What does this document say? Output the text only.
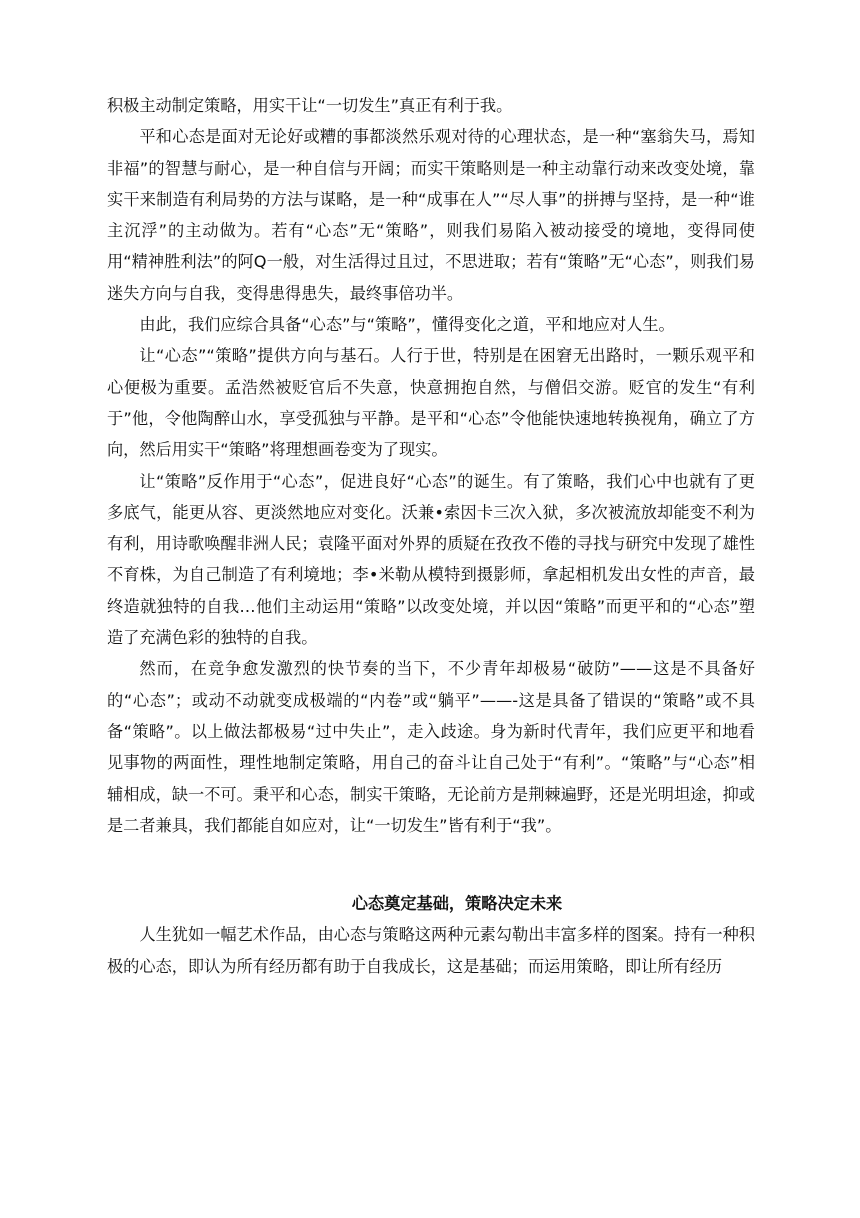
积极主动制定策略，用实干让“一切发生”真正有利于我。

平和心态是面对无论好或糟的事都淡然乐观对待的心理状态，是一种“塞翁失马，焉知非福”的智慧与耐心，是一种自信与开阔；而实干策略则是一种主动靠行动来改变处境，靠实干来制造有利局势的方法与谋略，是一种“成事在人”“尽人事”的拼搏与坚持，是一种“谁主沉浮”的主动做为。若有“心态”无“策略”，则我们易陷入被动接受的境地，变得同使用“精神胜利法”的阿Q一般，对生活得过且过，不思进取；若有“策略”无“心态”，则我们易迷失方向与自我，变得患得患失，最终事倍功半。

由此，我们应综合具备“心态”与“策略”，懂得变化之道，平和地应对人生。

让“心态”“策略”提供方向与基石。人行于世，特别是在困窘无出路时，一颗乐观平和心便极为重要。孟浩然被贬官后不失意，快意拥抱自然，与僧侣交游。贬官的发生“有利于”他，令他陶醉山水，享受孤独与平静。是平和“心态”令他能快速地转换视角，确立了方向，然后用实干“策略”将理想画卷变为了现实。

让“策略”反作用于“心态”，促进良好“心态”的诞生。有了策略，我们心中也就有了更多底气，能更从容、更淡然地应对变化。沃兼•索因卡三次入狱，多次被流放却能变不利为有利，用诗歌唤醒非洲人民；袁隆平面对外界的质疑在孜孜不倦的寻找与研究中发现了雄性不育株，为自己制造了有利境地；李•米勒从模特到摄影师，拿起相机发出女性的声音，最终造就独特的自我…他们主动运用“策略”以改变处境，并以因“策略”而更平和的“心态”塑造了充满色彩的独特的自我。

然而，在竞争愈发激烈的快节奏的当下，不少青年却极易“破防”——这是不具备好的“心态”；或动不动就变成极端的“内卷”或“躺平”——-这是具备了错误的“策略”或不具备“策略”。以上做法都极易“过中失止”，走入歧途。身为新时代青年，我们应更平和地看见事物的两面性，理性地制定策略，用自己的奋斗让自己处于“有利”。“策略”与“心态”相辅相成，缺一不可。秉平和心态，制实干策略，无论前方是荆棘遍野，还是光明坦途，抑或是二者兼具，我们都能自如应对，让“一切发生”皆有利于“我”。

心态奠定基础，策略决定未来

人生犹如一幅艺术作品，由心态与策略这两种元素勾勒出丰富多样的图案。持有一种积极的心态，即认为所有经历都有助于自我成长，这是基础；而运用策略，即让所有经历
